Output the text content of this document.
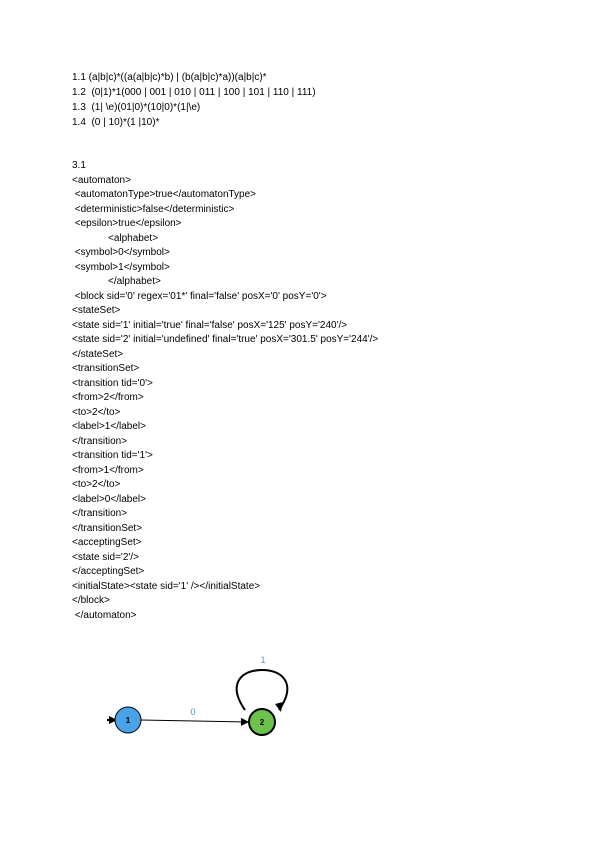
1.1 (a|b|c)*((a(a|b|c)*b) | (b(a|b|c)*a))(a|b|c)*
1.2  (0|1)*1(000 | 001 | 010 | 011 | 100 | 101 | 110 | 111)
1.3  (1| \e)(01|0)*(10|0)*(1|\e)
1.4  (0 | 10)*(1 |10)*
3.1
<automaton>
<automatonType>true</automatonType>
<deterministic>false</deterministic>
<epsilon>true</epsilon>
<alphabet>
<symbol>0</symbol>
<symbol>1</symbol>
</alphabet>
<block sid='0' regex='01*' final='false' posX='0' posY='0'>
<stateSet>
<state sid='1' initial='true' final='false' posX='125' posY='240'/>
<state sid='2' initial='undefined' final='true' posX='301.5' posY='244'/>
</stateSet>
<transitionSet>
<transition tid='0'>
<from>2</from>
<to>2</to>
<label>1</label>
</transition>
<transition tid='1'>
<from>1</from>
<to>2</to>
<label>0</label>
</transition>
</transitionSet>
<acceptingSet>
<state sid='2'/>
</acceptingSet>
<initialState><state sid='1' /></initialState>
</block>
</automaton>
0
1
1	2
